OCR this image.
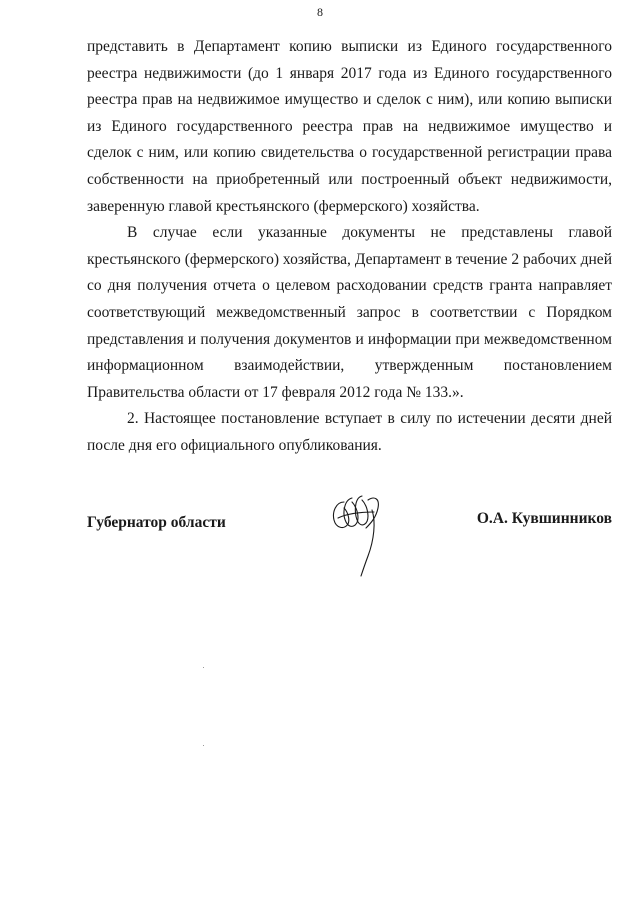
8

представить в Департамент копию выписки из Единого государственного реестра недвижимости (до 1 января 2017 года из Единого государственного реестра прав на недвижимое имущество и сделок с ним), или копию выписки из Единого государственного реестра прав на недвижимое имущество и сделок с ним, или копию свидетельства о государственной регистрации права собственности на приобретенный или построенный объект недвижимости, заверенную главой крестьянского (фермерского) хозяйства.

В случае если указанные документы не представлены главой крестьянского (фермерского) хозяйства, Департамент в течение 2 рабочих дней со дня получения отчета о целевом расходовании средств гранта направляет соответствующий межведомственный запрос в соответствии с Порядком представления и получения документов и информации при межведомственном информационном взаимодействии, утвержденным постановлением Правительства области от 17 февраля 2012 года № 133.».

2. Настоящее постановление вступает в силу по истечении десяти дней после дня его официального опубликования.

Губернатор области	О.А. Кувшинников
